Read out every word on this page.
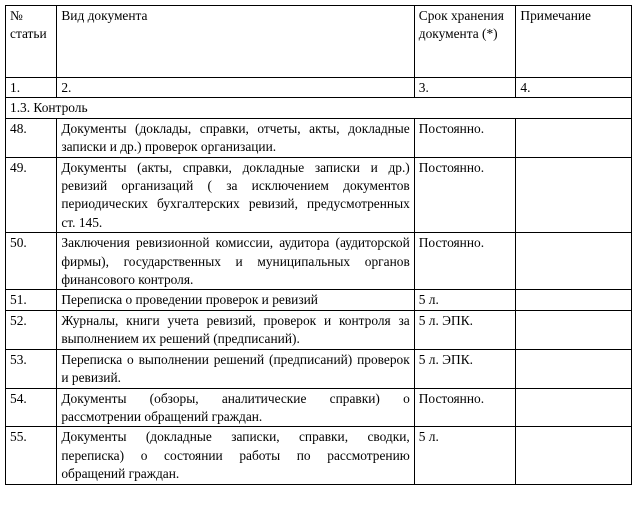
№ статьи	Вид документа	Срок хранения документа (*)	Примечание
1.	2.	3.	4.
1.3. Контроль			
48.	Документы (доклады, справки, отчеты, акты, докладные записки и др.) проверок организации.	Постоянно.	
49.	Документы (акты, справки, докладные записки и др.) ревизий организаций ( за исключением документов периодических бухгалтерских ревизий, предусмотренных ст. 145.	Постоянно.	
50.	Заключения ревизионной комиссии, аудитора (аудиторской фирмы), государственных и муниципальных органов финансового контроля.	Постоянно.	
51.	Переписка о проведении проверок и ревизий	5 л.	
52.	Журналы, книги учета ревизий, проверок и контроля за выполнением их решений (предписаний).	5 л. ЭПК.	
53.	Переписка о выполнении решений (предписаний) проверок и ревизий.	5 л. ЭПК.	
54.	Документы (обзоры, аналитические справки) о рассмотрении обращений граждан.	Постоянно.	
55.	Документы (докладные записки, справки, сводки, переписка) о состоянии работы по рассмотрению обращений граждан.	5 л.	
